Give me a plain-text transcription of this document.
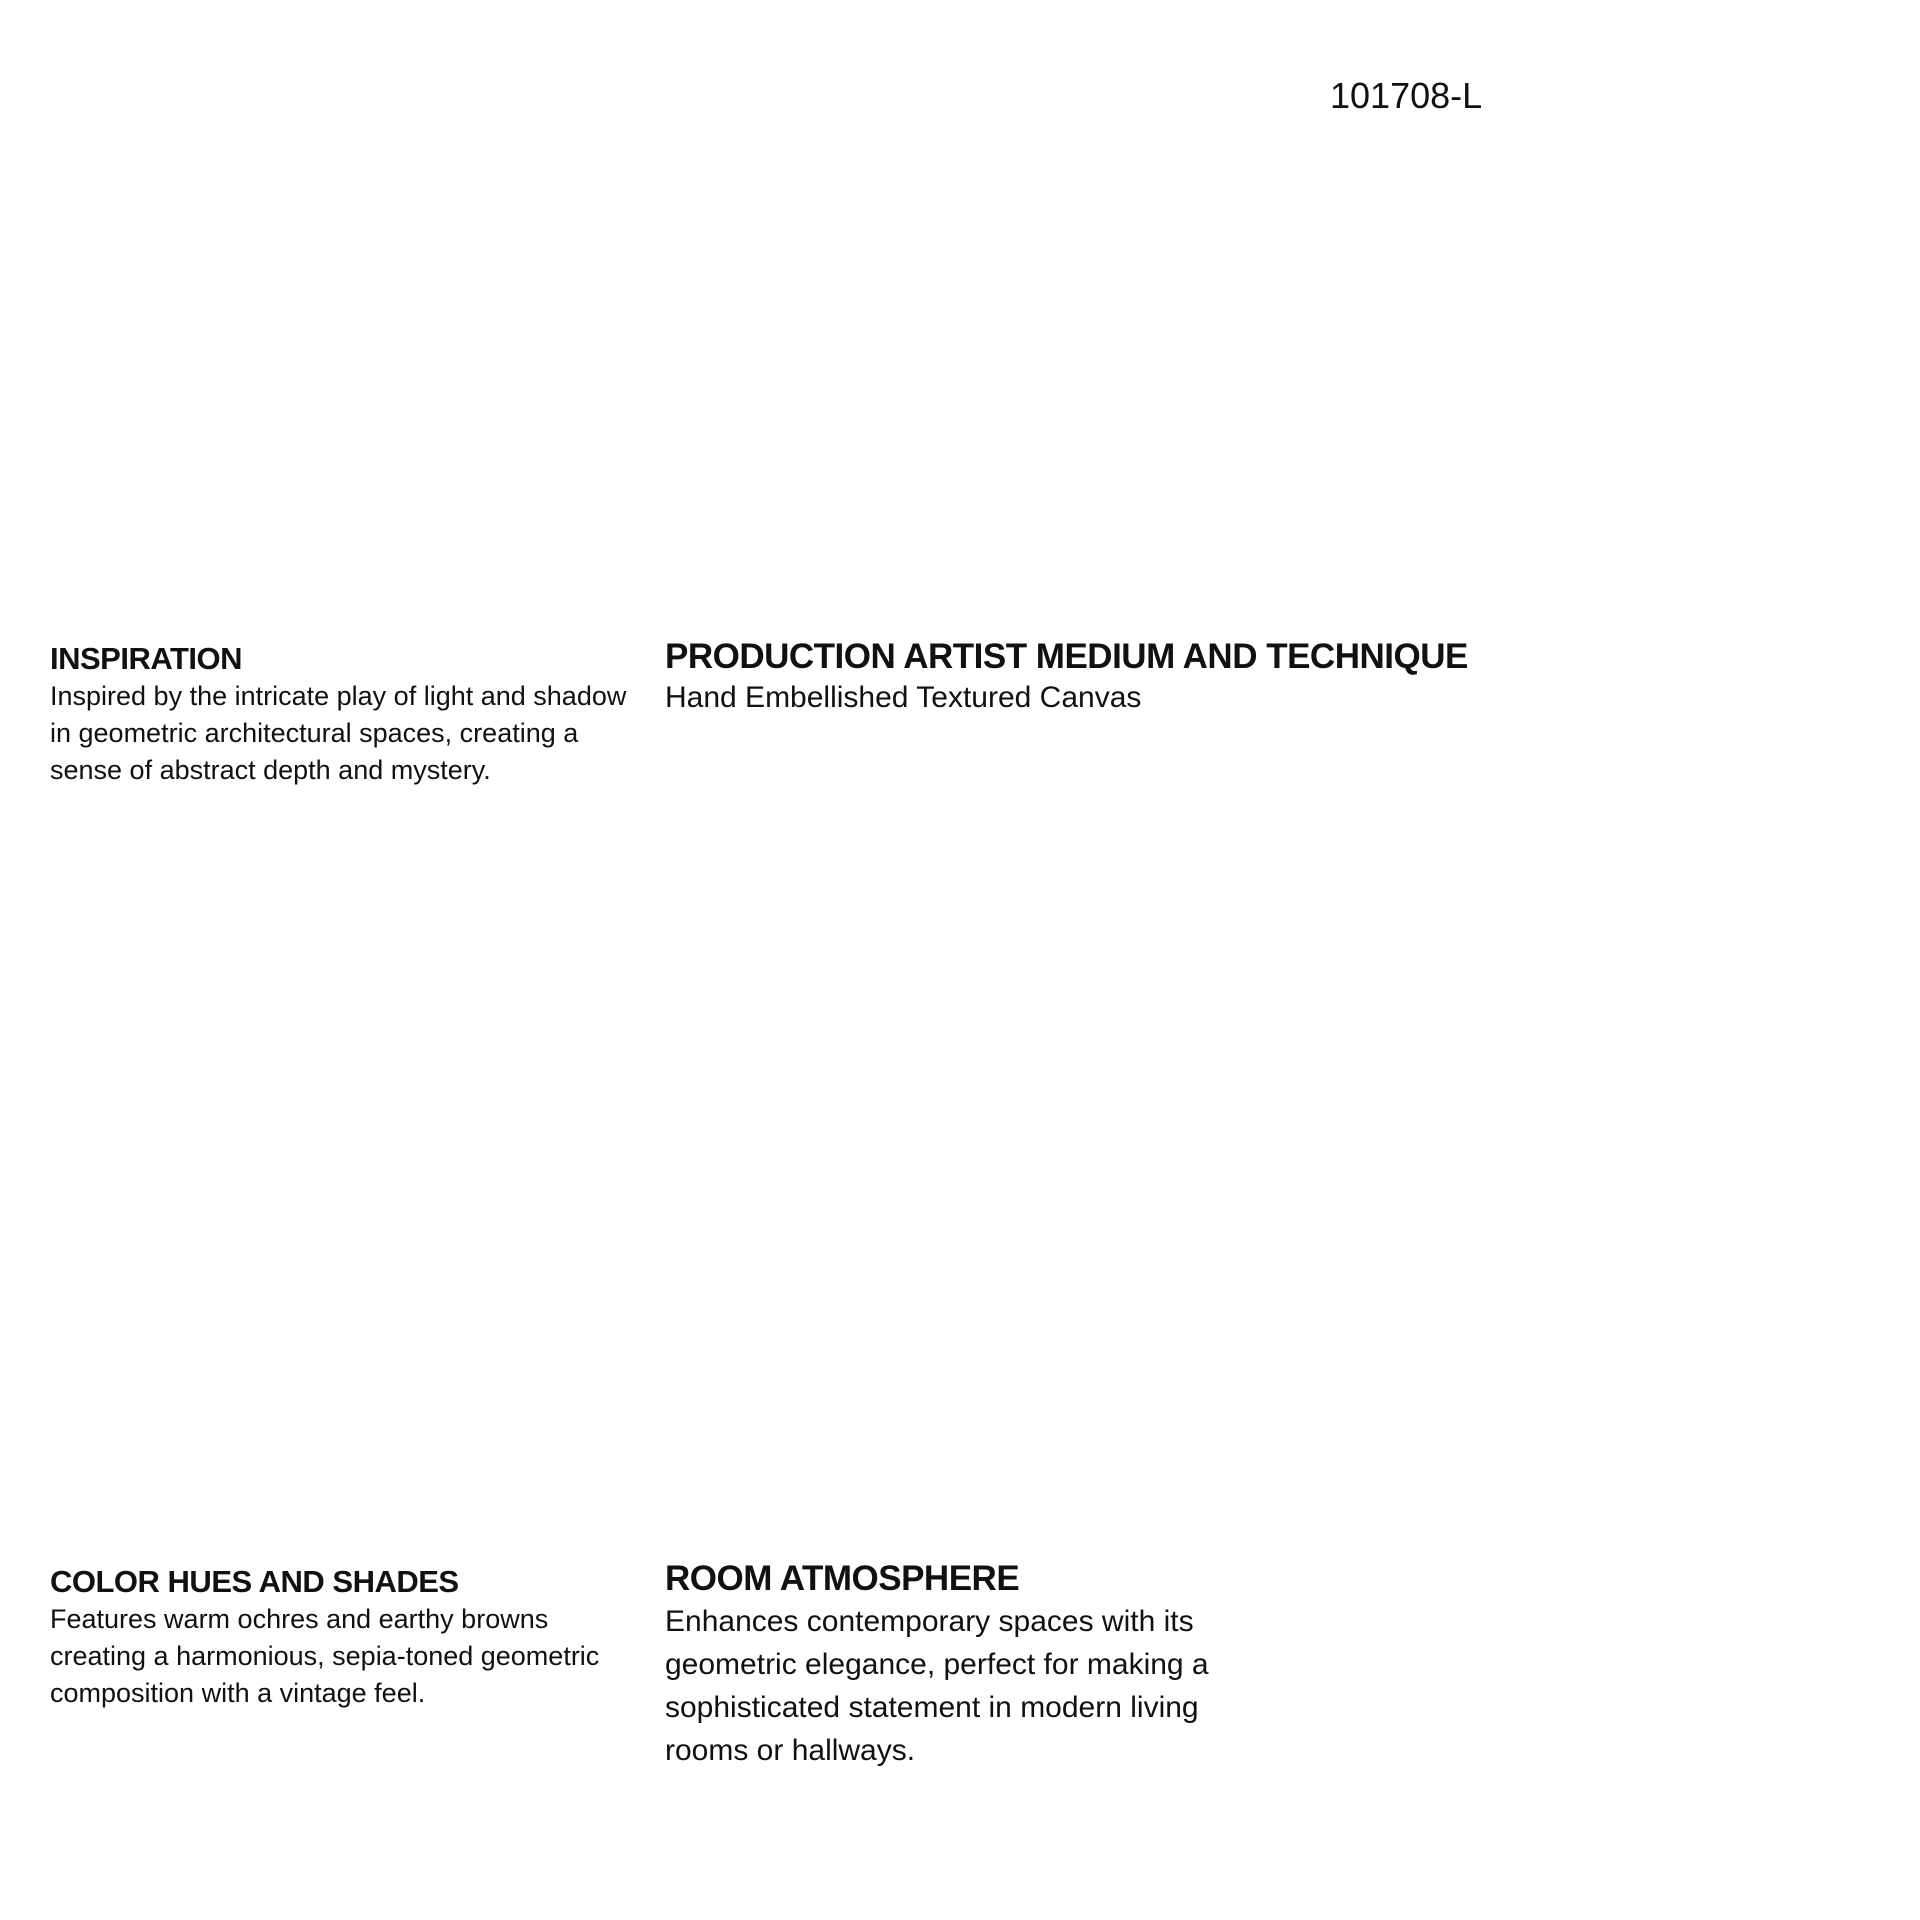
101708-L
INSPIRATION

Inspired by the intricate play of light and shadow in geometric architectural spaces, creating a sense of abstract depth and mystery.

PRODUCTION ARTIST MEDIUM AND TECHNIQUE

Hand Embellished Textured Canvas

COLOR HUES AND SHADES

Features warm ochres and earthy browns creating a harmonious, sepia-toned geometric composition with a vintage feel.

ROOM ATMOSPHERE

Enhances contemporary spaces with its geometric elegance, perfect for making a sophisticated statement in modern living rooms or hallways.
